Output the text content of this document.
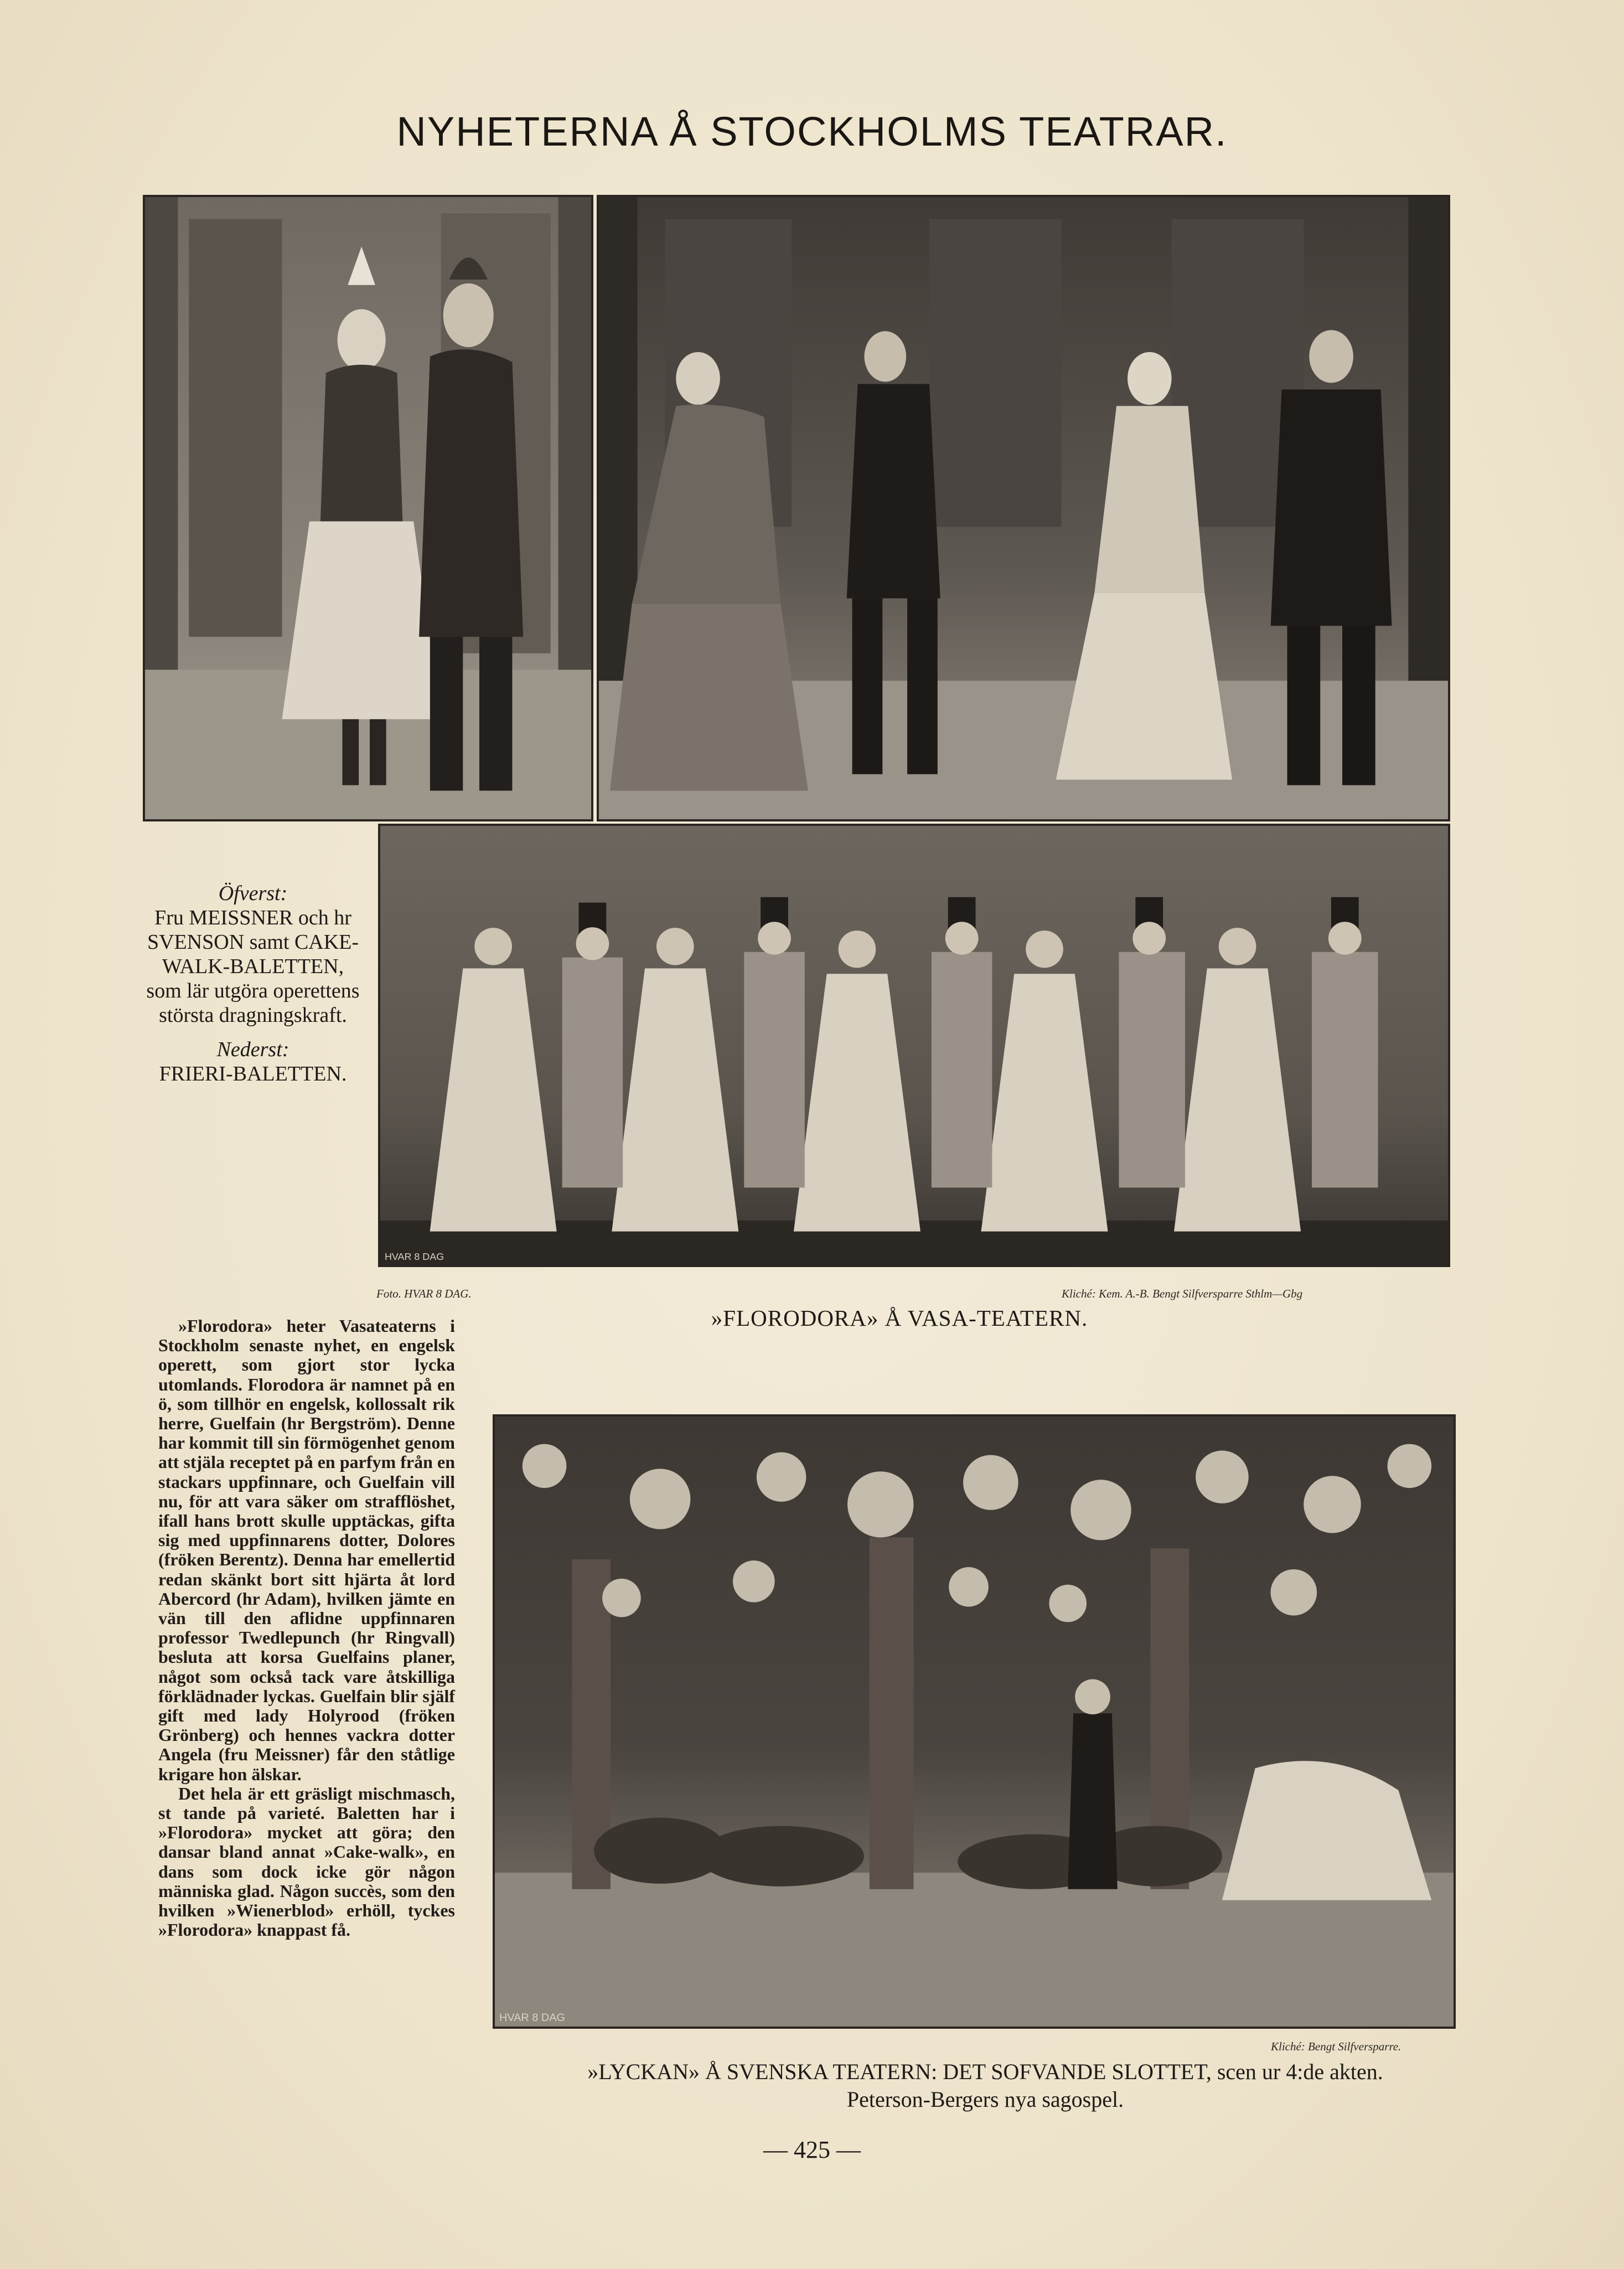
NYHETERNA Å STOCKHOLMS TEATRAR.
HVAR 8 DAG
Öfverst:
Fru MEISSNER och hr SVENSON samt CAKE-WALK-BALETTEN, som lär utgöra operettens största dragningskraft.
Nederst:
FRIERI-BALETTEN.
Foto. HVAR 8 DAG.	Kliché: Kem. A.-B. Bengt Silfversparre Sthlm—Gbg
»FLORODORA» Å VASA-TEATERN.

»Florodora» heter Vasateaterns i Stockholm senaste nyhet, en engelsk operett, som gjort stor lycka utomlands. Florodora är namnet på en ö, som tillhör en engelsk, kollossalt rik herre, Guelfain (hr Bergström). Denne har kommit till sin förmögenhet genom att stjäla receptet på en parfym från en stackars uppfinnare, och Guelfain vill nu, för att vara säker om strafflöshet, ifall hans brott skulle upptäckas, gifta sig med uppfinnarens dotter, Dolores (fröken Berentz). Denna har emellertid redan skänkt bort sitt hjärta åt lord Abercord (hr Adam), hvilken jämte en vän till den aflidne uppfinnaren professor Twedlepunch (hr Ringvall) besluta att korsa Guelfains planer, något som också tack vare åtskilliga förklädnader lyckas. Guelfain blir själf gift med lady Holyrood (fröken Grönberg) och hennes vackra dotter Angela (fru Meissner) får den ståtlige krigare hon älskar.

Det hela är ett gräsligt mischmasch, st tande på varieté. Baletten har i »Florodora» mycket att göra; den dansar bland annat »Cake-walk», en dans som dock icke gör någon människa glad. Någon succès, som den hvilken »Wienerblod» erhöll, tyckes »Florodora» knappast få.

HVAR 8 DAG
Kliché: Bengt Silfversparre.
»LYCKAN» Å SVENSKA TEATERN: DET SOFVANDE SLOTTET, scen ur 4:de akten.
Peterson-Bergers nya sagospel.
— 425 —
